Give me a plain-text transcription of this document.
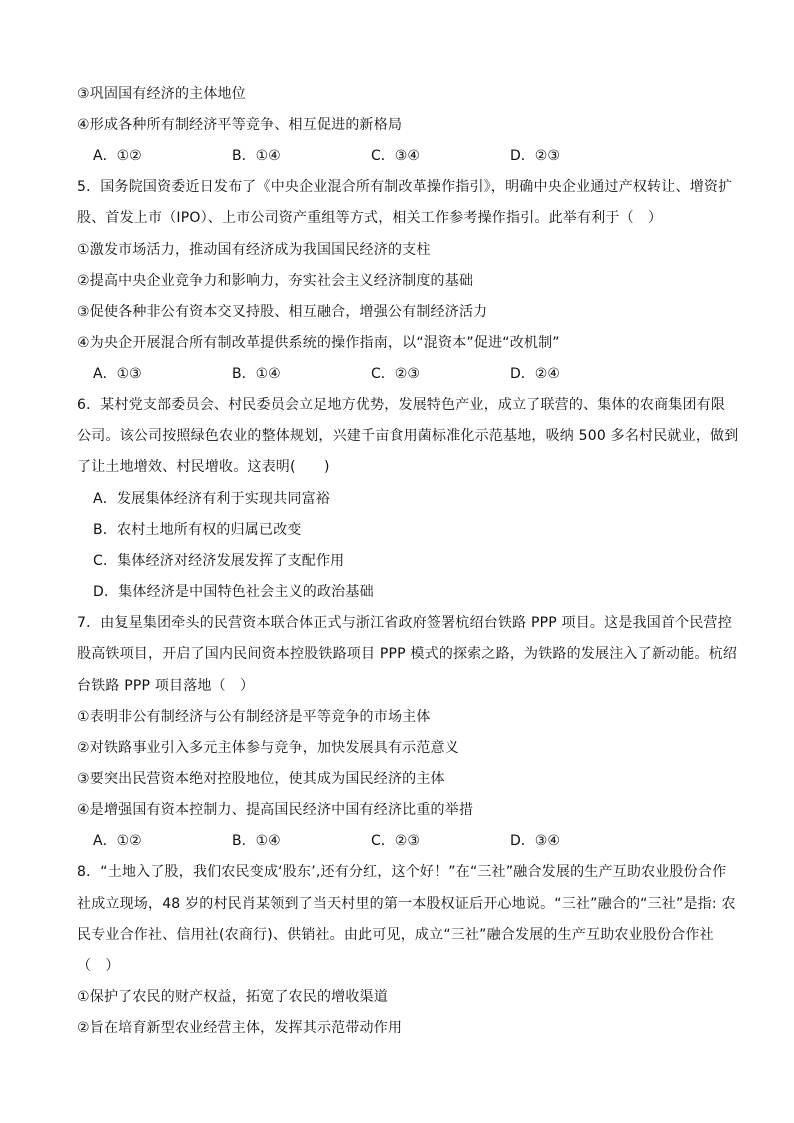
③巩固国有经济的主体地位
④形成各种所有制经济平等竞争、相互促进的新格局
A．①②	B．①④	C．③④	D．②③
5．国务院国资委近日发布了《中央企业混合所有制改革操作指引》，明确中央企业通过产权转让、增资扩
股、首发上市（IPO）、上市公司资产重组等方式，相关工作参考操作指引。此举有利于（　）
①激发市场活力，推动国有经济成为我国国民经济的支柱
②提高中央企业竞争力和影响力，夯实社会主义经济制度的基础
③促使各种非公有资本交叉持股、相互融合，增强公有制经济活力
④为央企开展混合所有制改革提供系统的操作指南，以“混资本”促进“改机制”
A．①③	B．①④	C．②③	D．②④
6．某村党支部委员会、村民委员会立足地方优势，发展特色产业，成立了联营的、集体的农商集团有限
公司。该公司按照绿色农业的整体规划，兴建千亩食用菌标准化示范基地，吸纳 500 多名村民就业，做到
了让土地增效、村民增收。这表明(　　)
A．发展集体经济有利于实现共同富裕
B．农村土地所有权的归属已改变
C．集体经济对经济发展发挥了支配作用
D．集体经济是中国特色社会主义的政治基础
7．由复星集团牵头的民营资本联合体正式与浙江省政府签署杭绍台铁路 PPP 项目。这是我国首个民营控
股高铁项目，开启了国内民间资本控股铁路项目 PPP 模式的探索之路，为铁路的发展注入了新动能。杭绍
台铁路 PPP 项目落地（　）
①表明非公有制经济与公有制经济是平等竞争的市场主体
②对铁路事业引入多元主体参与竞争，加快发展具有示范意义
③要突出民营资本绝对控股地位，使其成为国民经济的主体
④是增强国有资本控制力、提高国民经济中国有经济比重的举措
A．①②	B．①④	C．②③	D．③④
8．“土地入了股，我们农民变成‘股东’,还有分红，这个好！”在“三社”融合发展的生产互助农业股份合作
社成立现场，48 岁的村民肖某领到了当天村里的第一本股权证后开心地说。“三社”融合的“三社”是指: 农
民专业合作社、信用社(农商行)、供销社。由此可见，成立“三社”融合发展的生产互助农业股份合作社
（　）
①保护了农民的财产权益，拓宽了农民的增收渠道
②旨在培育新型农业经营主体，发挥其示范带动作用
